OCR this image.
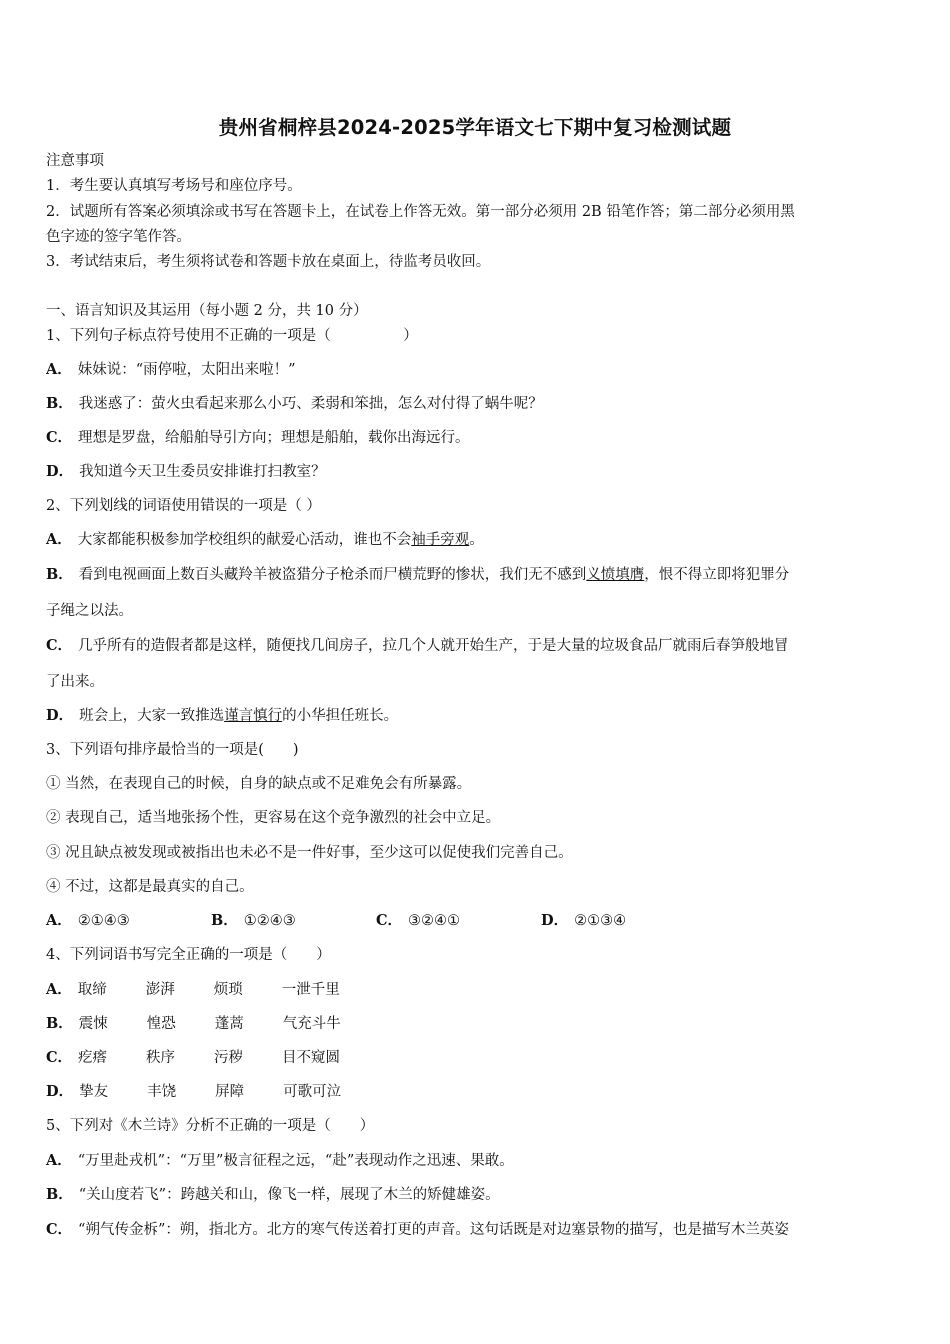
贵州省桐梓县2024-2025学年语文七下期中复习检测试题
注意事项
1．考生要认真填写考场号和座位序号。
2．试题所有答案必须填涂或书写在答题卡上，在试卷上作答无效。第一部分必须用 2B 铅笔作答；第二部分必须用黑
色字迹的签字笔作答。
3．考试结束后，考生须将试卷和答题卡放在桌面上，待监考员收回。
一、语言知识及其运用（每小题 2 分，共 10 分）
1、下列句子标点符号使用不正确的一项是（　　　　　）
A． 妹妹说：“雨停啦，太阳出来啦！”
B． 我迷惑了：萤火虫看起来那么小巧、柔弱和笨拙，怎么对付得了蜗牛呢？
C． 理想是罗盘，给船舶导引方向；理想是船舶，载你出海远行。
D． 我知道今天卫生委员安排谁打扫教室？
2、下列划线的词语使用错误的一项是（ ）
A． 大家都能积极参加学校组织的献爱心活动，谁也不会袖手旁观。
B． 看到电视画面上数百头藏羚羊被盗猎分子枪杀而尸横荒野的惨状，我们无不感到义愤填膺，恨不得立即将犯罪分
子绳之以法。
C． 几乎所有的造假者都是这样，随便找几间房子，拉几个人就开始生产，于是大量的垃圾食品厂就雨后春笋般地冒
了出来。
D． 班会上，大家一致推选谨言慎行的小华担任班长。
3、下列语句排序最恰当的一项是(　　)
① 当然，在表现自己的时候，自身的缺点或不足难免会有所暴露。
② 表现自己，适当地张扬个性，更容易在这个竞争激烈的社会中立足。
③ 况且缺点被发现或被指出也未必不是一件好事，至少这可以促使我们完善自己。
④ 不过，这都是最真实的自己。
A． ②①④③	B． ①②④③	C． ③②④①	D． ②①③④
4、下列词语书写完全正确的一项是（　　）
A． 取缔	澎湃	烦琐	一泄千里
B． 震悚	惶恐	蓬蒿	气充斗牛
C． 疙瘩	秩序	污秽	目不窥圆
D． 挚友	丰饶	屏障	可歌可泣
5、下列对《木兰诗》分析不正确的一项是（　　）
A． “万里赴戎机”：“万里”极言征程之远，“赴”表现动作之迅速、果敢。
B． “关山度若飞”：跨越关和山，像飞一样，展现了木兰的矫健雄姿。
C． “朔气传金柝”：朔，指北方。北方的寒气传送着打更的声音。这句话既是对边塞景物的描写，也是描写木兰英姿
